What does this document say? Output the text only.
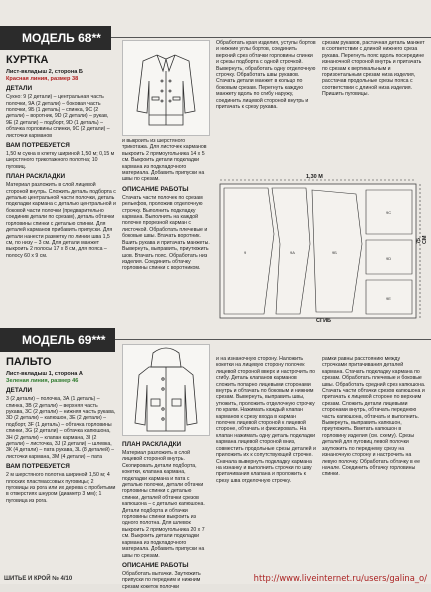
МОДЕЛЬ 68**
КУРТКА
Лист-вкладыш 2, сторона Б
Красная линия, размер 38
ДЕТАЛИ

Сукно: 9 (2 детали) – центральная часть полочки, 9А (2 детали) – боковая часть полочки, 9Б (1 деталь) – спинка, 9С (2 детали) – воротник, 9D (2 детали) – рукав, 9Е (2 детали) – подборт, 9D (1 деталь) – обтачка горловины спинки, 9С (2 детали) – листочки карманов

ВАМ ПОТРЕБУЕТСЯ

1,50 м сукна в клетку шириной 1,50 м; 0,15 м шерстяного трикотажного полотна; 10 пуговиц.

ПЛАН РАСКЛАДКИ

Материал разложить в слой лицевой стороной внутрь. Сложить деталь подборта с деталью центральной части полочки, деталь подкладки кармана с деталью центральной и боковой части полочки (предварительно соединив детали по срезам), деталь обтачки горловины спинки с деталью спинки. Для деталей карманов прибавить припуски. Для детали нанести разметку по линии шва 1,5 см, по низу – 3 см. Для детали манжет выкроить 2 полосы 17 х 8 см, для пояса – полосу 60 х 9 см.

и выкроить из шерстяного трикотажа. Для листочек карманов выкроить 2 прямоугольника 14 х 5 см. Выкроить детали подкладки кармана из подкладочного материала. Добавить припуски на швы по срезам.

ОПИСАНИЕ РАБОТЫ

Стачать части полочек по срезам рельефов, проложив отделочную строчку. Выполнить подкладку кармана. Выполнить на каждой полочке прорезной карман с листочкой. Обработать плечевые и боковые швы. Втачать воротник. Вшить рукава и притачать манжеты. Вывернуть, выправить, приутюжить шов. Втачать пояс. Обработать низ изделия. Соединить обтачку горловины спинки с воротником.

Обработать края изделия, уступы бортов и нижние углы бортов, соединить верхний срез обтачки горловины спинки и срезы подборта с одной строчкой. Вывернуть, обработать одну отделочную строчку. Обработать швы рукавов. Стачать детали манжет в кольцо по боковым срезам. Перегнуть каждую манжету вдоль по сгибу наружу, соединить лицевой стороной внутрь и притачать к срезу рукава.

срезам рукавов, растачная деталь манжет в соответствии с длиной нижнего среза рукава. Перегнуть пояс вдоль посередине изнаночной стороной внутрь и притачать по срезам к вертикальным и горизонтальным срезам низа изделия, расстачав продольные срезы пояса с соответствии с длиной низа изделия. Пришить пуговицы.

9	9A	9Б
9С
9D
9E
1,30 М
75 СМ
СГИБ
МОДЕЛЬ 69***
ПАЛЬТО
Лист-вкладыш 1, сторона А
Зеленая линия, размер 46
ДЕТАЛИ

3 (2 детали) – полочка, 3А (1 деталь) – спинка, 3В (2 детали) – верхняя часть рукава, 3С (2 детали) – нижняя часть рукава, 3D (2 детали) – капюшон, 3Е (2 детали) – подборт, 3F (1 деталь) – обтачка горловины спинки, 3G (2 детали) – обтачка капюшона, 3Н (2 детали) – клапан кармана, 3I (2 детали) – листочка, 3J (2 детали) – шлевка, 3К (4 детали) – пата рукава, 3L (8 деталей) – листочки кармана, 3М (4 детали) – пата

ВАМ ПОТРЕБУЕТСЯ

2 м шерстяного полотна шириной 1,50 м; 4 плоских пластмассовых пуговицы; 2 пуговицы из рога или их дерева с пробитыми в отверстиях шнуром (диаметр 3 мм); 1 пуговица из рога.

ПЛАН РАСКЛАДКИ

Материал разложить в слой лицевой стороной внутрь. Скопировать детали подборта, кокетки, клапана кармана, подкладки кармана и пата с деталью полочки, детали обтачки горловины спинки с деталью спинки, деталей обтачки срезов капюшона – с деталью капюшона. Детали подборта и обтачки горловины спинки выкроить из одного полотна. Для шлевок выкроить 2 прямоугольника 20 х 7 см. Выкроить детали подкладки кармана из подкладочного материала. Добавить припуски на швы по срезам.

ОПИСАНИЕ РАБОТЫ

Обработать вытачки. Заутюжить припуски по передним и нижним срезам кокеток полочки

и на изнаночную сторону. Наложить кокетки на лицевую сторону полочек лицевой стороной вверх и настрочить по сгибу. Деталь клапанов карманов сложить попарно лицевыми сторонами внутрь и обтачать по боковым и нижним срезам. Вывернуть, выправить швы, утюжить, проложить отделочную строчку по краям. Нажимать каждый клапан карманов к срезу входа в карман полочек лицевой стороной к лицевой стороне, обтачать и фиксировать. На клапан нажимать одну деталь подкладки кармана лицевой стороной вниз, совместить продольные срезы деталей и приложить их к сопутствующей строчке. Сначала вывернуть подкладку кармана на изнанку и выполнить строчки по шву притачивания клапана и проложить к срезу шва отделочную строчку.

рамки равны расстоянию между строчками притачивания деталей кармана. Стачать подкладку кармана по срезам. Обработать плечевые и боковые швы. Обработать средний срез капюшона. Стачать части обтачки срезов капюшона и притачать к лицевой стороне по верхним срезам. Сложить детали лицевыми сторонами внутрь, обтачать переднюю часть капюшона, обтачать и выполнить. Вывернуть, выправить капюшон, приутюжить. Вметать капюшон в горловину изделия (см. схему). Срезы деталей для пуговиц левой полочки заутюжить по переднему срезу на изнаночную сторону и настрочить на левую полочку. Обработать обтачку в ее начале. Соединить обтачку горловины спинки.

ШИТЬЕ И КРОЙ № 4/10	http://www.liveinternet.ru/users/galina_o/
